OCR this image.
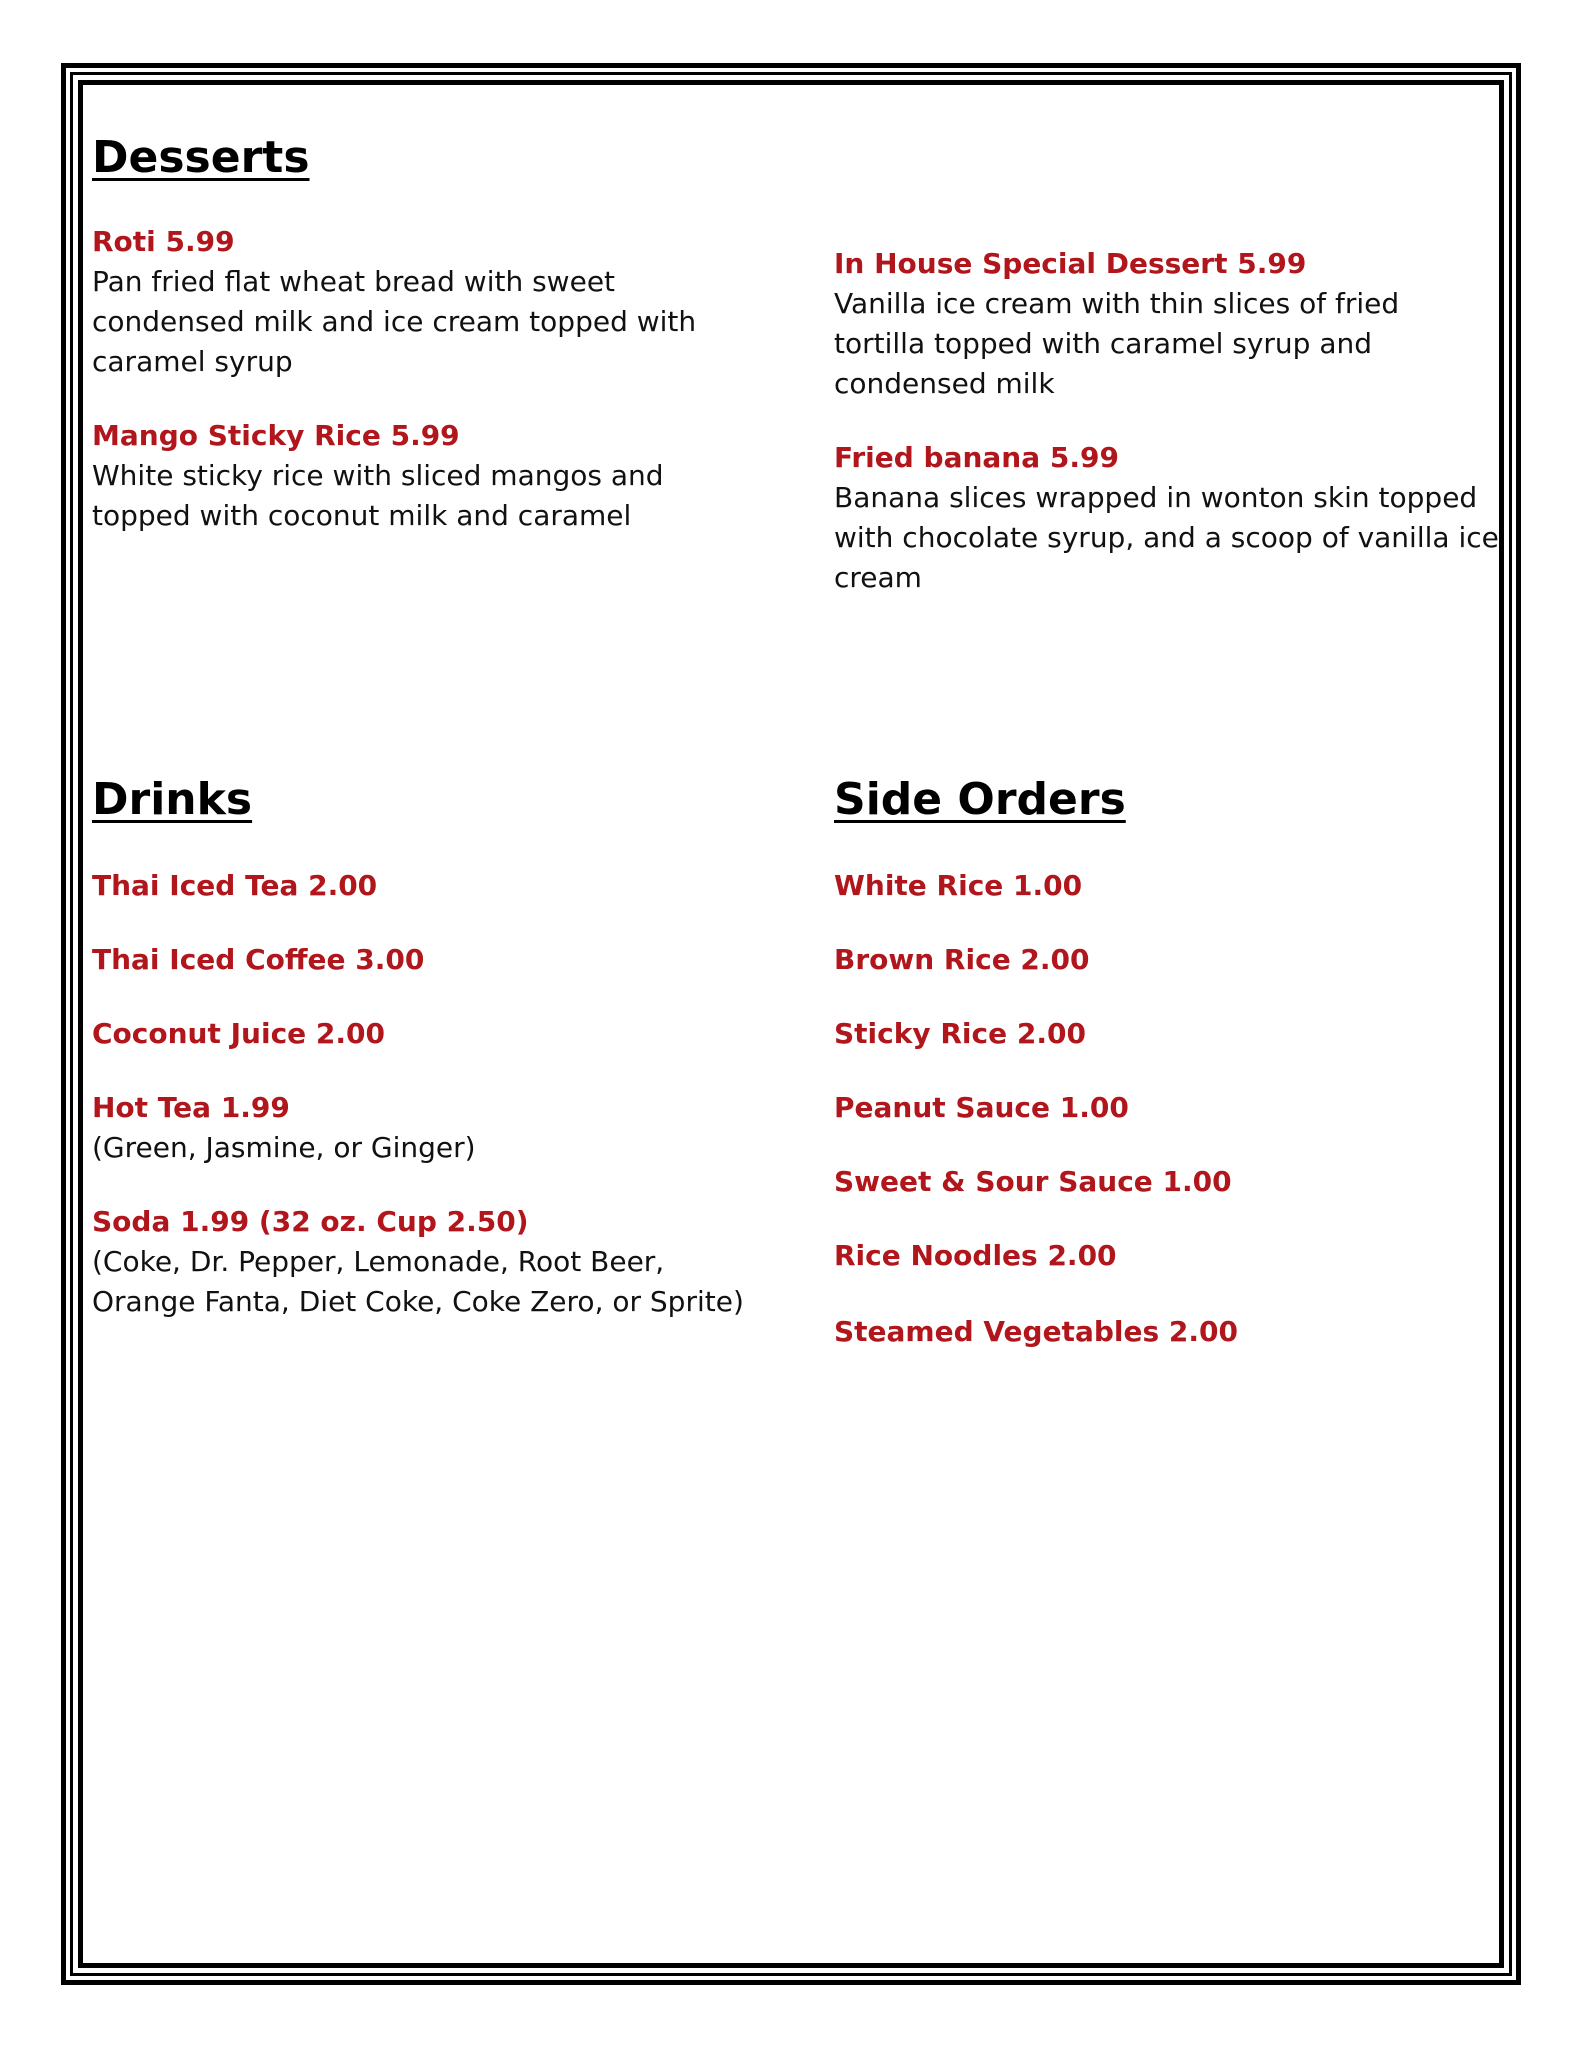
Desserts
Roti 5.99
Pan fried flat wheat bread with sweet condensed milk and ice cream topped with caramel syrup
Mango Sticky Rice 5.99
White sticky rice with sliced mangos and topped with coconut milk and caramel
In House Special Dessert 5.99
Vanilla ice cream with thin slices of fried tortilla topped with caramel syrup and condensed milk
Fried banana 5.99
Banana slices wrapped in wonton skin topped with chocolate syrup, and a scoop of vanilla ice cream
Drinks
Thai Iced Tea 2.00
Thai Iced Coffee 3.00
Coconut Juice 2.00
Hot Tea 1.99
(Green, Jasmine, or Ginger)
Soda 1.99 (32 oz. Cup 2.50)
(Coke, Dr. Pepper, Lemonade, Root Beer, Orange Fanta, Diet Coke, Coke Zero, or Sprite)
Side Orders
White Rice 1.00
Brown Rice 2.00
Sticky Rice 2.00
Peanut Sauce 1.00
Sweet & Sour Sauce 1.00
Rice Noodles 2.00
Steamed Vegetables 2.00
